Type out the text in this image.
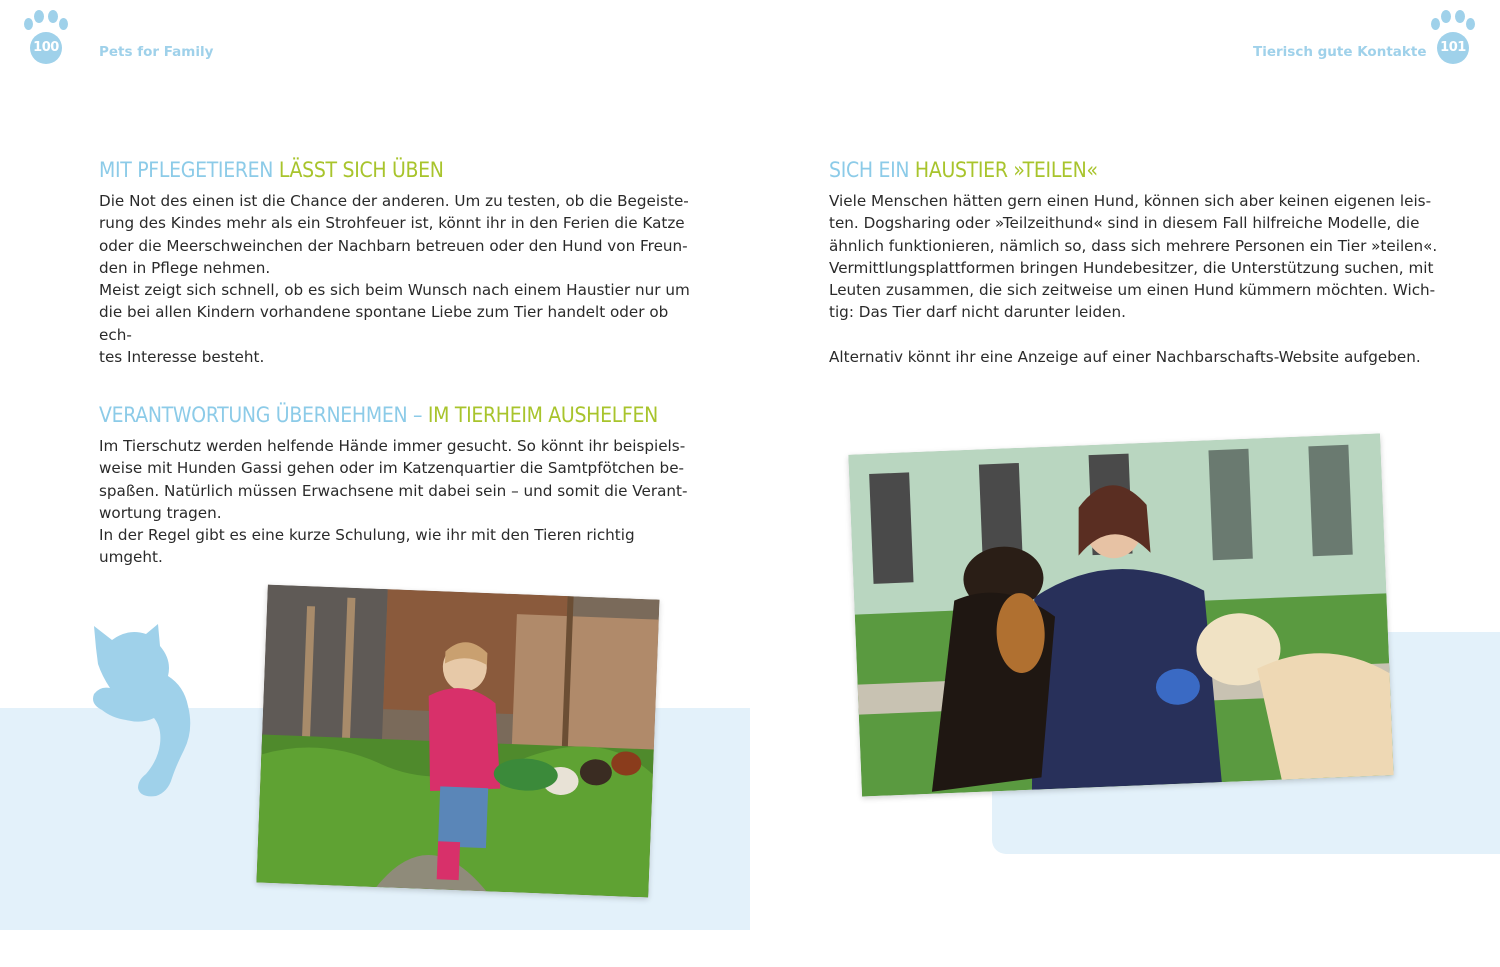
100	Pets for Family
MIT PFLEGETIEREN LÄSST SICH ÜBEN

Die Not des einen ist die Chance der anderen. Um zu testen, ob die Begeiste-
rung des Kindes mehr als ein Strohfeuer ist, könnt ihr in den Ferien die Katze
oder die Meerschweinchen der Nachbarn betreuen oder den Hund von Freun-
den in Pflege nehmen.
Meist zeigt sich schnell, ob es sich beim Wunsch nach einem Haustier nur um
die bei allen Kindern vorhandene spontane Liebe zum Tier handelt oder ob ech-
tes Interesse besteht.

VERANTWORTUNG ÜBERNEHMEN – IM TIERHEIM AUSHELFEN

Im Tierschutz werden helfende Hände immer gesucht. So könnt ihr beispiels-
weise mit Hunden Gassi gehen oder im Katzenquartier die Samtpfötchen be-
spaßen. Natürlich müssen Erwachsene mit dabei sein – und somit die Verant-
wortung tragen.
In der Regel gibt es eine kurze Schulung, wie ihr mit den Tieren richtig umgeht.

101
Tierisch gute Kontakte
SICH EIN HAUSTIER »TEILEN«

Viele Menschen hätten gern einen Hund, können sich aber keinen eigenen leis-
ten. Dogsharing oder »Teilzeithund« sind in diesem Fall hilfreiche Modelle, die
ähnlich funktionieren, nämlich so, dass sich mehrere Personen ein Tier »teilen«.
Vermittlungsplattformen bringen Hundebesitzer, die Unterstützung suchen, mit
Leuten zusammen, die sich zeitweise um einen Hund kümmern möchten. Wich-
tig: Das Tier darf nicht darunter leiden.

Alternativ könnt ihr eine Anzeige auf einer Nachbarschafts-Website aufgeben.
